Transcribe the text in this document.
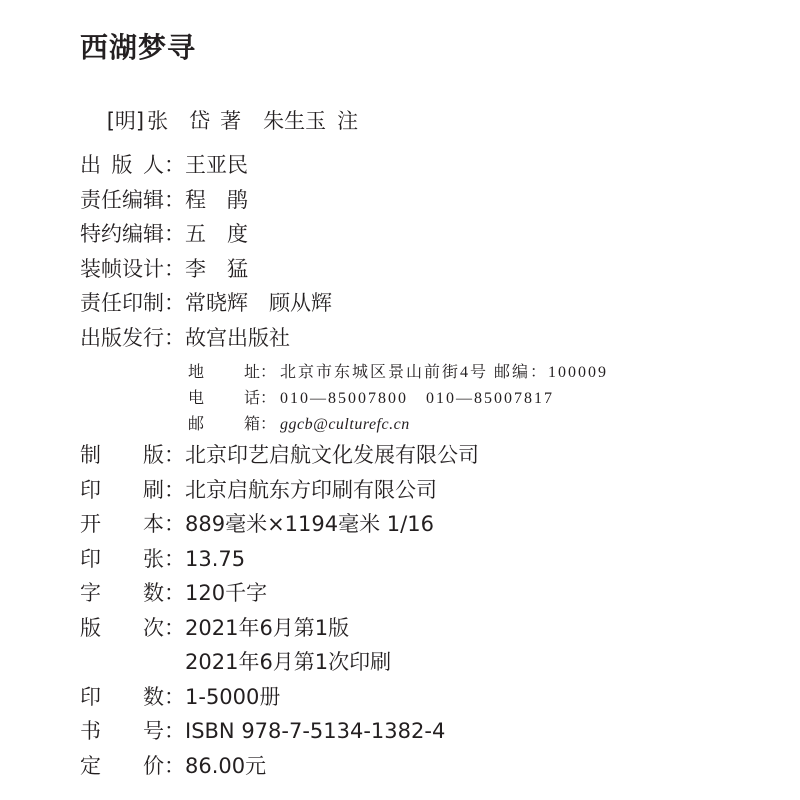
西湖梦寻

[明] 张　岱 著 朱生玉 注

出 版 人 ： 王亚民
责 任 编 辑 ： 程　鹃
特 约 编 辑 ： 五　度
装 帧 设 计 ： 李　猛
责 任 印 制 ： 常晓辉　顾从辉
出 版 发 行 ： 故宫出版社
地 址 ： 北京市东城区景山前街4号 邮编：100009
电 话 ： 010—85007800　010—85007817
邮 箱 ： ggcb@culturefc.cn
制 版 ： 北京印艺启航文化发展有限公司
印 刷 ： 北京启航东方印刷有限公司
开 本 ： 889毫米×1194毫米 1/16
印 张 ： 13.75
字 数 ： 120千字
版 次 ： 2021年6月第1版
2021年6月第1次印刷
印 数 ： 1-5000册
书 号 ： ISBN 978-7-5134-1382-4
定 价 ： 86.00元
